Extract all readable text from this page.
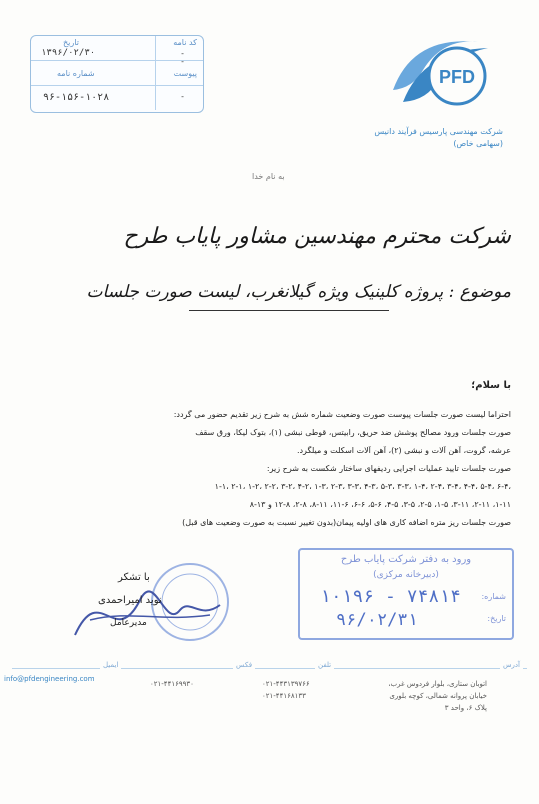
کد نامه
تاریخ
-
۱۳۹۶/۰۲/۳۰
پیوست
شماره نامه
-
۹۶-۱۵۶-۱۰۲۸	-
PFD
شرکت مهندسی پارسیس فرآیند دانیس
(سهامی خاص)
به نام خدا
شرکت محترم مهندسین مشاور پایاب طرح
موضوع : پروژه کلینیک ویژه گیلانغرب، لیست صورت جلسات
با سلام؛
احتراما لیست صورت جلسات پیوست صورت وضعیت شماره شش به شرح زیر تقدیم حضور می گردد:
صورت جلسات ورود مصالح پوشش ضد حریق، رابیتس، قوطی نبشی (۱)، بتوک لیکا، ورق سقف
عرشه، گروت، آهن آلات و نبشی (۲)، آهن آلات اسکلت و میلگرد.
صورت جلسات تایید عملیات اجرایی ردیفهای ساختار شکست به شرح زیر:
۱-۱، ۲-۱، ۱-۲، ۲-۲، ۳-۲، ۴-۲، ۱-۳، ۲-۳، ۳-۳، ۴-۳، ۵-۳، ۳-۳، ۱-۴، ۲-۴، ۳-۴، ۴-۴، ۵-۴، ۶-۴،
۱-۱۱، ۲-۱۱، ۳-۱۱، ۱-۵، ۲-۵، ۳-۵، ۴-۵، ۵-۶، ۶-۶، ۱۱-۶، ۸-۱۱، ۲-۸، ۱۲-۸ و ۱۳-۸
صورت جلسات ریز متره اضافه کاری های اولیه پیمان(بدون تغییر نسبت به صورت وضعیت های قبل)
با تشکر
نوید امیراحمدی
مدیرعامل
ورود به دفتر شرکت پایاب طرح
(دبیرخانه مرکزی)
شماره:
تاریخ:
۱۰۱۹۶ - ۷۴۸۱۴
۹۶/۰۲/۳۱
آدرس
تلفن
فکس
ایمیل
اتوبان ستاری، بلوار فردوس غرب،
خیابان پروانه شمالی، کوچه بلوری
پلاک ۶، واحد ۳
۰۲۱-۴۴۳۱۳۹۷۶۶
۰۲۱-۴۴۱۶۸۱۳۳
۰۲۱-۴۴۱۶۹۹۳۰
info@pfdengineering.com
